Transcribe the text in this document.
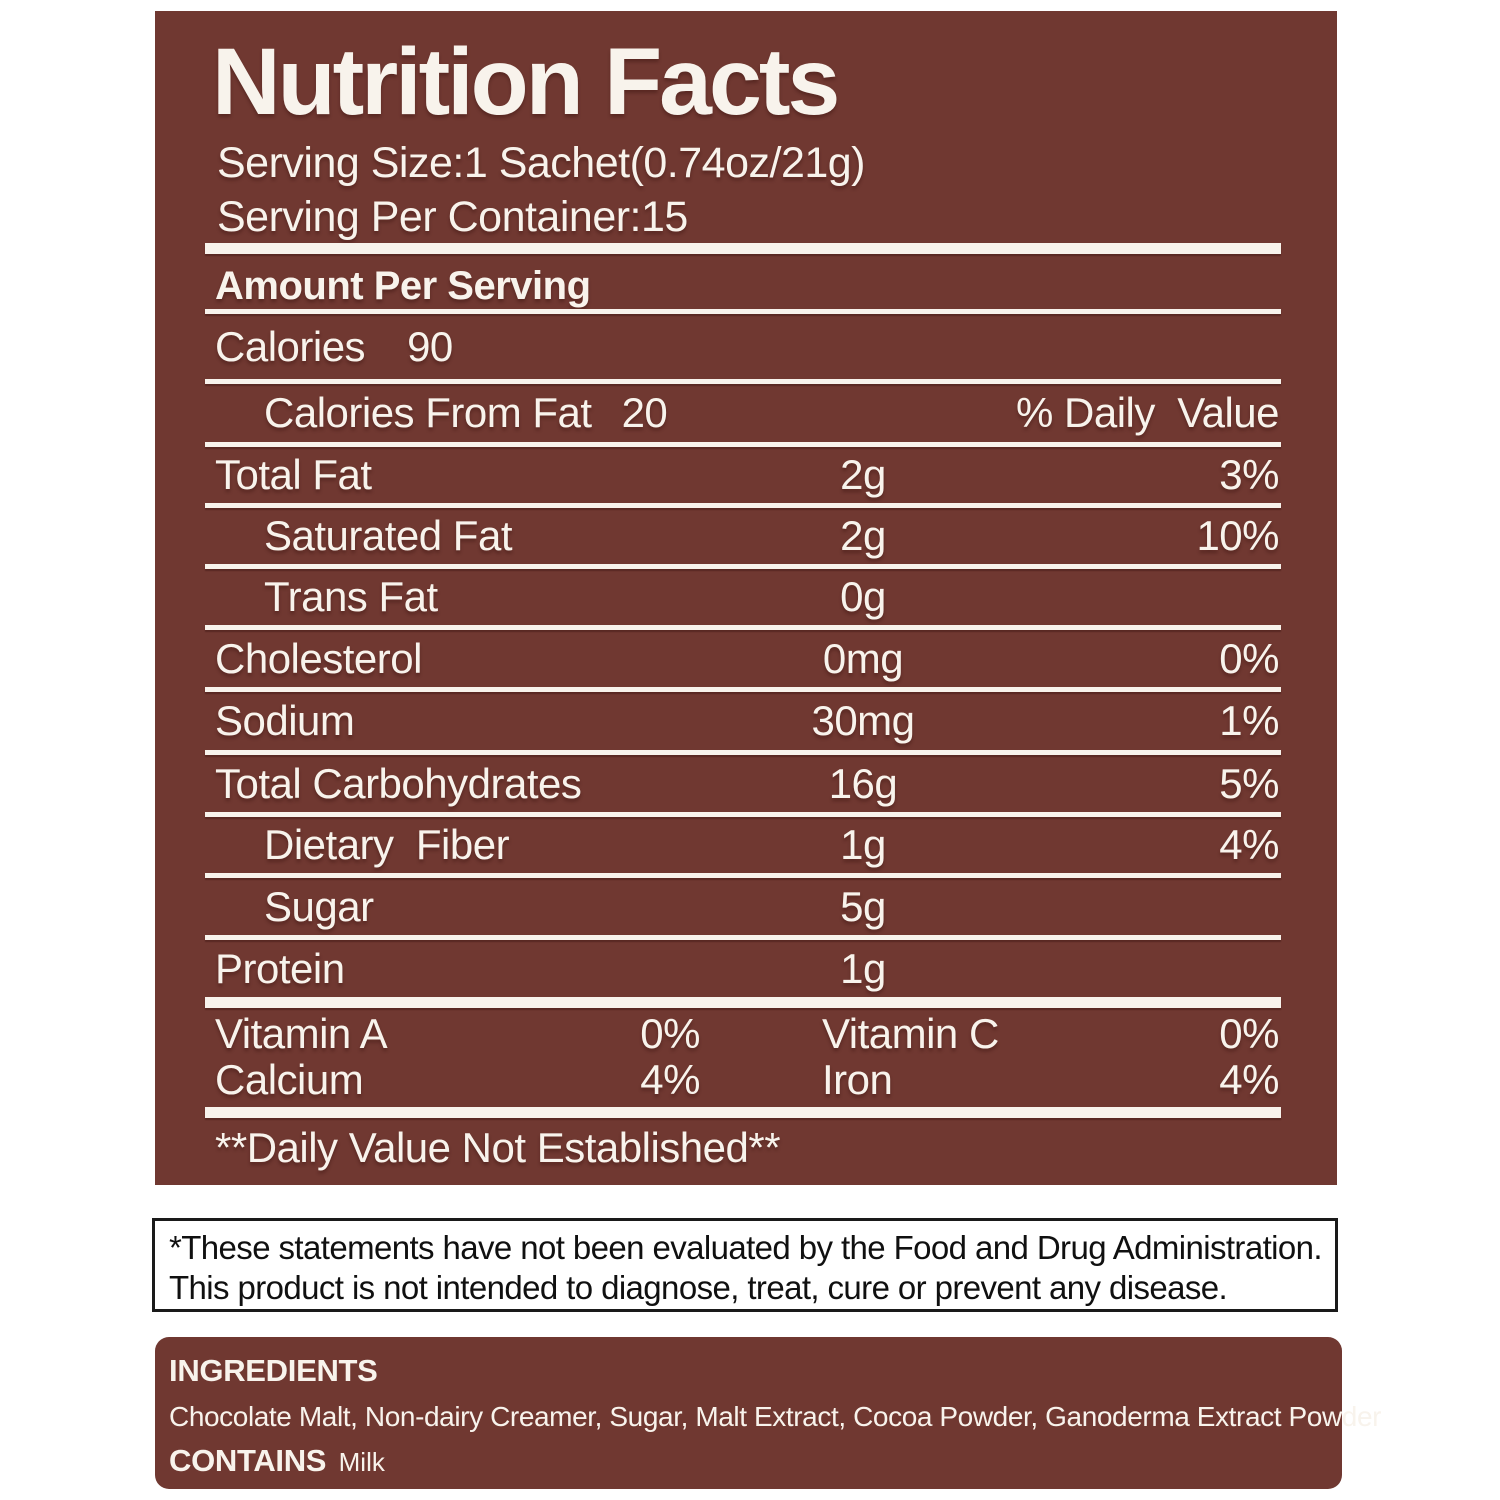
Nutrition Facts
Serving Size:1 Sachet(0.74oz/21g)
Serving Per Container:15
Amount Per Serving
Calories 90
Calories From Fat 20	% Daily  Value
Total Fat	2g	3%
Saturated Fat	2g	10%
Trans Fat	0g
Cholesterol	0mg	0%
Sodium	30mg	1%
Total Carbohydrates	16g	5%
Dietary  Fiber	1g	4%
Sugar	5g
Protein	1g
Vitamin A	0%	Vitamin C	0%
Calcium	4%	Iron	4%
**Daily Value Not Established**
*These statements have not been evaluated by the Food and Drug Administration.
This product is not intended to diagnose, treat, cure or prevent any disease.
INGREDIENTS
Chocolate Malt, Non-dairy Creamer, Sugar, Malt Extract, Cocoa Powder, Ganoderma Extract Powder
CONTAINS Milk
